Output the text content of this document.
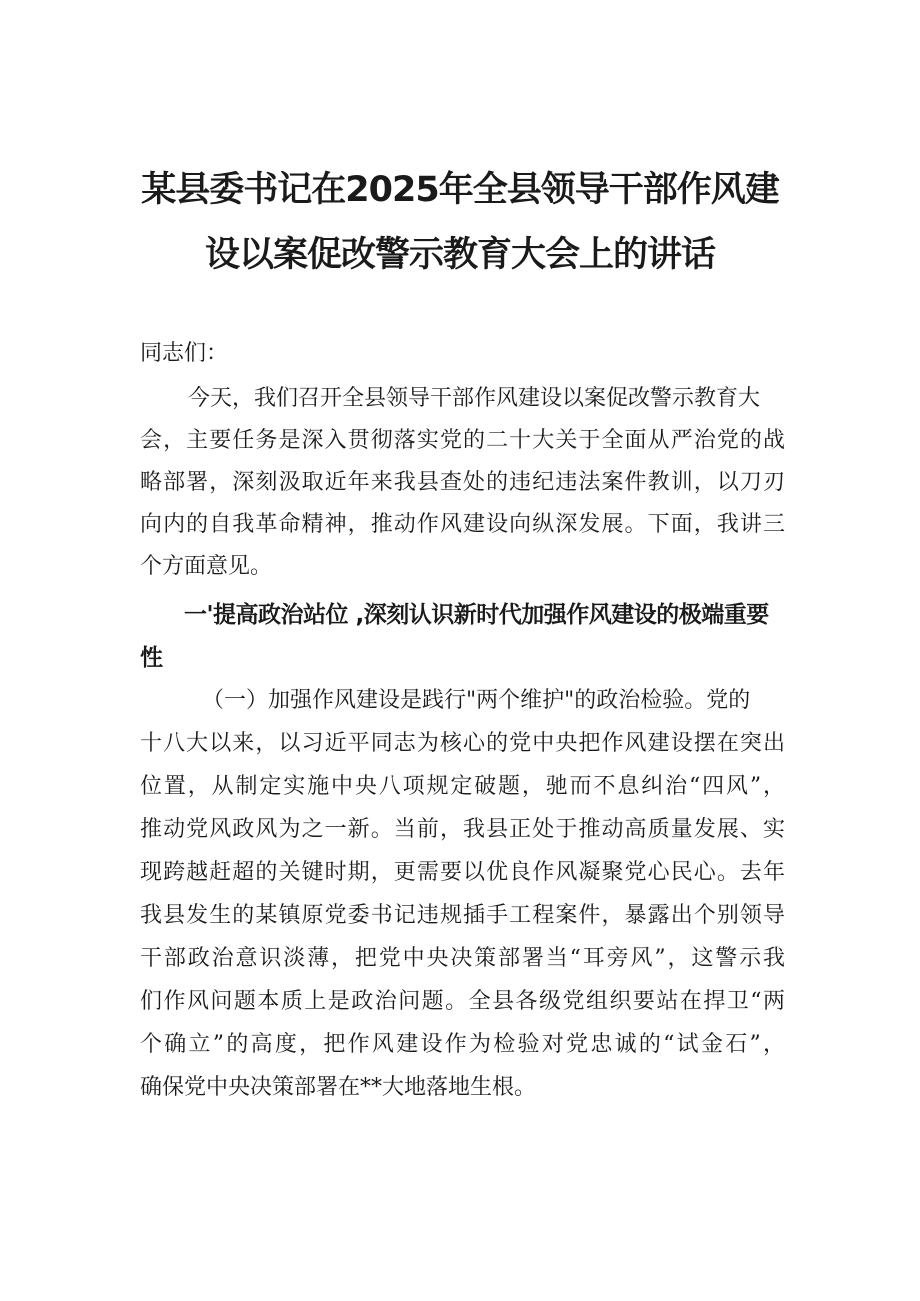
某县委书记在2025年全县领导干部作风建
设以案促改警示教育大会上的讲话
同志们：
今天，我们召开全县领导干部作风建设以案促改警示教育大
会，主要任务是深入贯彻落实党的二十大关于全面从严治党的战
略部署，深刻汲取近年来我县查处的违纪违法案件教训，以刀刃
向内的自我革命精神，推动作风建设向纵深发展。下面，我讲三
个方面意见。
一'提高政治站位 ,深刻认识新时代加强作风建设的极端重要
性
（一）加强作风建设是践行"两个维护"的政治检验。党的
十八大以来，以习近平同志为核心的党中央把作风建设摆在突出
位置，从制定实施中央八项规定破题，驰而不息纠治“四风”，
推动党风政风为之一新。当前，我县正处于推动高质量发展、实
现跨越赶超的关键时期，更需要以优良作风凝聚党心民心。去年
我县发生的某镇原党委书记违规插手工程案件，暴露出个别领导
干部政治意识淡薄，把党中央决策部署当“耳旁风”，这警示我
们作风问题本质上是政治问题。全县各级党组织要站在捍卫“两
个确立”的高度，把作风建设作为检验对党忠诚的“试金石”，
确保党中央决策部署在**大地落地生根。
